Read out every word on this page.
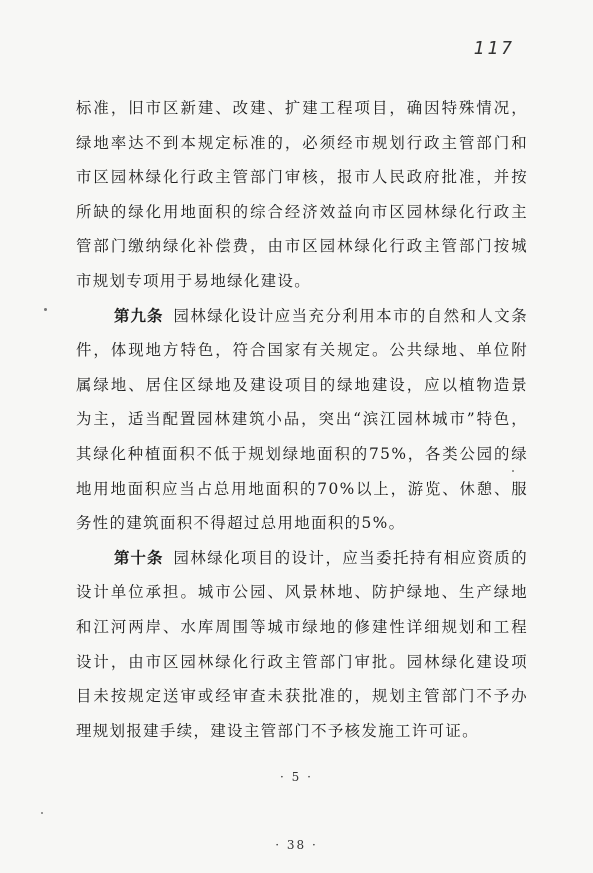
117

标准，旧市区新建、改建、扩建工程项目，确因特殊情况，绿地率达不到本规定标准的，必须经市规划行政主管部门和市区园林绿化行政主管部门审核，报市人民政府批准，并按所缺的绿化用地面积的综合经济效益向市区园林绿化行政主管部门缴纳绿化补偿费，由市区园林绿化行政主管部门按城市规划专项用于易地绿化建设。

第九条 园林绿化设计应当充分利用本市的自然和人文条件，体现地方特色，符合国家有关规定。公共绿地、单位附属绿地、居住区绿地及建设项目的绿地建设，应以植物造景为主，适当配置园林建筑小品，突出“滨江园林城市”特色，其绿化种植面积不低于规划绿地面积的75%，各类公园的绿地用地面积应当占总用地面积的70%以上，游览、休憩、服务性的建筑面积不得超过总用地面积的5%。

第十条 园林绿化项目的设计，应当委托持有相应资质的设计单位承担。城市公园、风景林地、防护绿地、生产绿地和江河两岸、水库周围等城市绿地的修建性详细规划和工程设计，由市区园林绿化行政主管部门审批。园林绿化建设项目未按规定送审或经审查未获批准的，规划主管部门不予办理规划报建手续，建设主管部门不予核发施工许可证。

· 5 ·
· 38 ·
